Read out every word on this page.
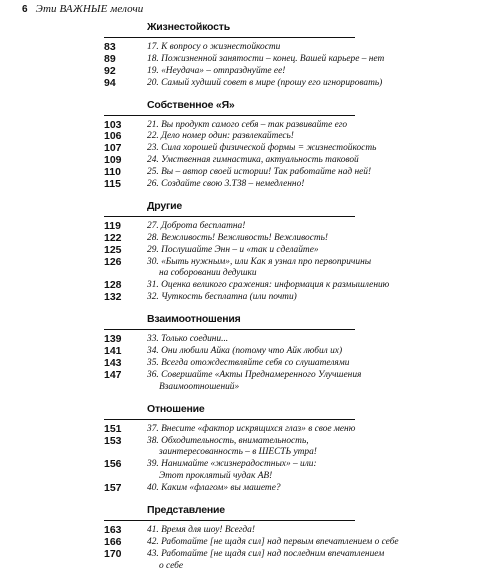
6 Эти ВАЖНЫЕ мелочи
Жизнестойкость
83	17. К вопросу о жизнестойкости
89	18. Пожизненной занятости – конец. Вашей карьере – нет
92	19. «Неудача» – отпразднуйте ее!
94	20. Самый худший совет в мире (прошу его игнорировать)
Собственное «Я»
103	21. Вы продукт самого себя – так развивайте его
106	22. Дело номер один: развлекайтесь!
107	23. Сила хорошей физической формы = жизнестойкость
109	24. Умственная гимнастика, актуальность таковой
110	25. Вы – автор своей истории! Так работайте над ней!
115	26. Создайте свою 3.ТЗ8 – немедленно!
Другие
119	27. Доброта бесплатна!
122	28. Вежливость! Вежливость! Вежливость!
125	29. Послушайте Энн – и «так и сделайте»
126	30. «Быть нужным», или Как я узнал про первопричины
на соборовании дедушки
128	31. Оценка великого сражения: информация к размышлению
132	32. Чуткость бесплатна (или почти)
Взаимоотношения
139	33. Только соедини...
141	34. Они любили Айка (потому что Айк любил их)
143	35. Всегда отождествляйте себя со слушателями
147	36. Совершайте «Акты Преднамеренного Улучшения
Взаимоотношений»
Отношение
151	37. Внесите «фактор искрящихся глаз» в свое меню
153	38. Обходительность, внимательность,
заинтересованность – в ШЕСТЬ утра!
156	39. Нанимайте «жизнерадостных» – или:
Этот проклятый чудак АВ!
157	40. Каким «флагом» вы машете?
Представление
163	41. Время для шоу! Всегда!
166	42. Работайте [не щадя сил] над первым впечатлением о себе
170	43. Работайте [не щадя сил] над последним впечатлением
о себе
